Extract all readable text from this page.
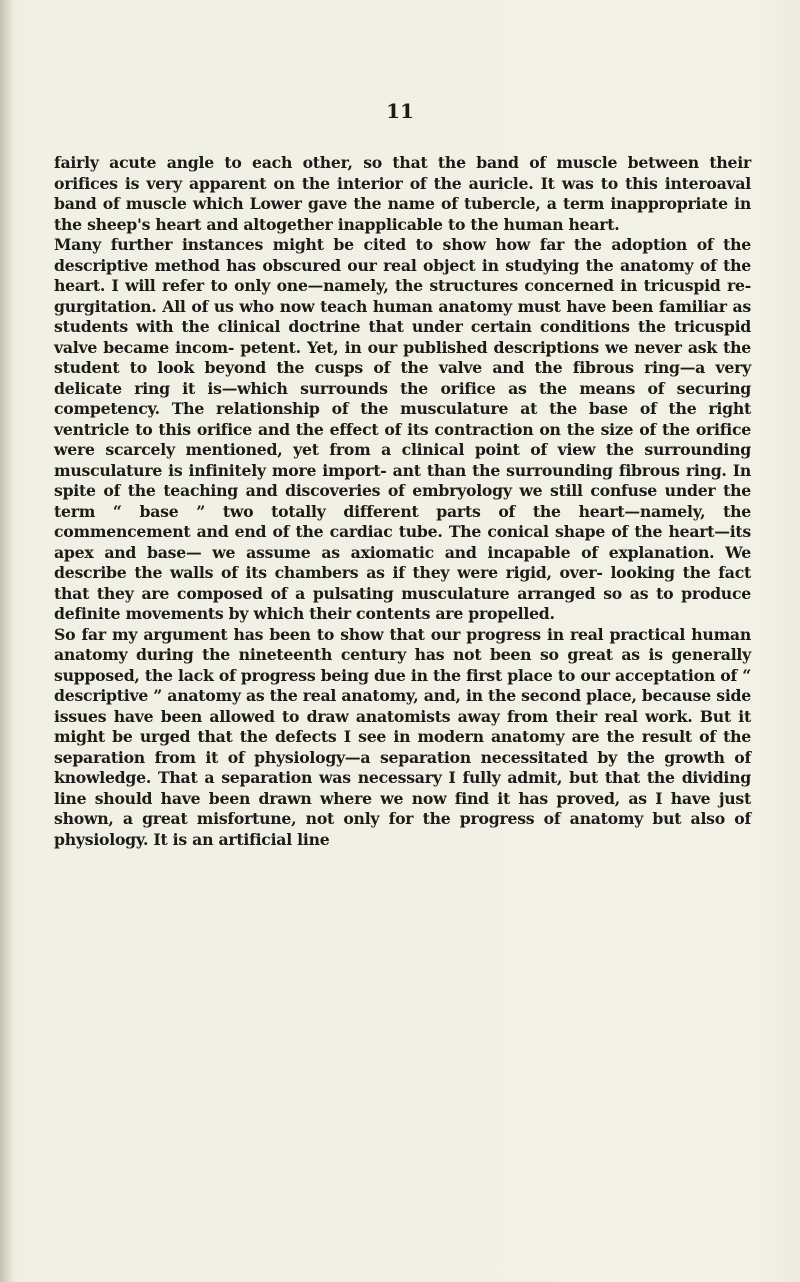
11

fairly acute angle to each other, so that the band of muscle between their orifices is very apparent on the interior of the auricle. It was to this interoaval band of muscle which Lower gave the name of tubercle, a term inappropriate in the sheep's heart and altogether inapplicable to the human heart.

Many further instances might be cited to show how far the adoption of the descriptive method has obscured our real object in studying the anatomy of the heart. I will refer to only one—namely, the structures concerned in tricuspid re- gurgitation. All of us who now teach human anatomy must have been familiar as students with the clinical doctrine that under certain conditions the tricuspid valve became incom- petent. Yet, in our published descriptions we never ask the student to look beyond the cusps of the valve and the fibrous ring—a very delicate ring it is—which surrounds the orifice as the means of securing competency. The relationship of the musculature at the base of the right ventricle to this orifice and the effect of its contraction on the size of the orifice were scarcely mentioned, yet from a clinical point of view the surrounding musculature is infinitely more import- ant than the surrounding fibrous ring. In spite of the teaching and discoveries of embryology we still confuse under the term “ base ” two totally different parts of the heart—namely, the commencement and end of the cardiac tube. The conical shape of the heart—its apex and base— we assume as axiomatic and incapable of explanation. We describe the walls of its chambers as if they were rigid, over- looking the fact that they are composed of a pulsating musculature arranged so as to produce definite movements by which their contents are propelled.

So far my argument has been to show that our progress in real practical human anatomy during the nineteenth century has not been so great as is generally supposed, the lack of progress being due in the first place to our acceptation of “ descriptive ” anatomy as the real anatomy, and, in the second place, because side issues have been allowed to draw anatomists away from their real work. But it might be urged that the defects I see in modern anatomy are the result of the separation from it of physiology—a separation necessitated by the growth of knowledge. That a separation was necessary I fully admit, but that the dividing line should have been drawn where we now find it has proved, as I have just shown, a great misfortune, not only for the progress of anatomy but also of physiology. It is an artificial line
